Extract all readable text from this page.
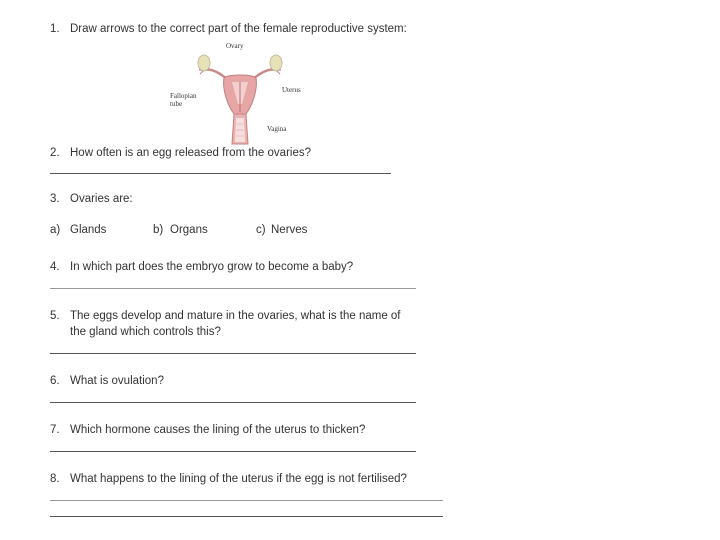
1. Draw arrows to the correct part of the female reproductive system:
Ovary
Uterus
Fallopian
tube
Vagina
2. How often is an egg released from the ovaries?
3. Ovaries are:
a) Glands	b) Organs	c) Nerves
4. In which part does the embryo grow to become a baby?
5. The eggs develop and mature in the ovaries, what is the name of
the gland which controls this?
6. What is ovulation?
7. Which hormone causes the lining of the uterus to thicken?
8. What happens to the lining of the uterus if the egg is not fertilised?
